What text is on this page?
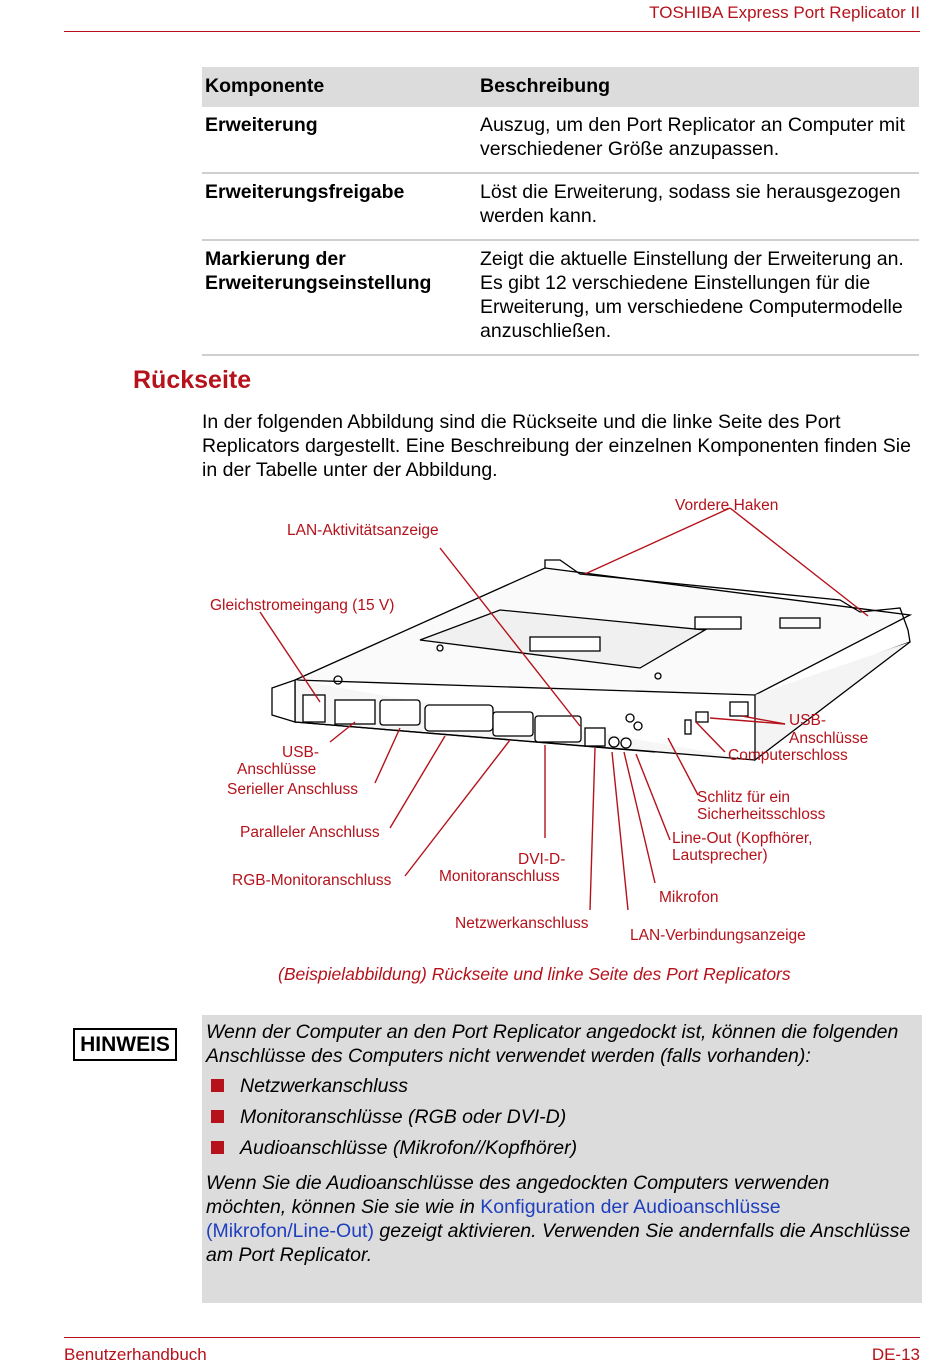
TOSHIBA Express Port Replicator II
Komponente	Beschreibung
Erweiterung	Auszug, um den Port Replicator an Computer mit verschiedener Größe anzupassen.
Erweiterungsfreigabe	Löst die Erweiterung, sodass sie herausgezogen werden kann.
Markierung der Erweiterungseinstellung	Zeigt die aktuelle Einstellung der Erweiterung an. Es gibt 12 verschiedene Einstellungen für die Erweiterung, um verschiedene Computermodelle anzuschließen.
Rückseite

In der folgenden Abbildung sind die Rückseite und die linke Seite des Port Replicators dargestellt. Eine Beschreibung der einzelnen Komponenten finden Sie in der Tabelle unter der Abbildung.

Vordere Haken
LAN-Aktivitätsanzeige
Gleichstromeingang (15 V)
USB-
Anschlüsse
Serieller Anschluss
Paralleler Anschluss
RGB-Monitoranschluss
DVI-D-
Monitoranschluss
Netzwerkanschluss
USB-
Anschlüsse
Computerschloss
Schlitz für ein
Sicherheitsschloss
Line-Out (Kopfhörer,
Lautsprecher)
Mikrofon
LAN-Verbindungsanzeige
(Beispielabbildung) Rückseite und linke Seite des Port Replicators
HINWEIS

Wenn der Computer an den Port Replicator angedockt ist, können die folgenden Anschlüsse des Computers nicht verwendet werden (falls vorhanden):

Netzwerkanschluss
Monitoranschlüsse (RGB oder DVI-D)
Audioanschlüsse (Mikrofon//Kopfhörer)

Wenn Sie die Audioanschlüsse des angedockten Computers verwenden möchten, können Sie sie wie in Konfiguration der Audioanschlüsse (Mikrofon/Line-Out) gezeigt aktivieren. Verwenden Sie andernfalls die Anschlüsse am Port Replicator.

Benutzerhandbuch	DE-13
